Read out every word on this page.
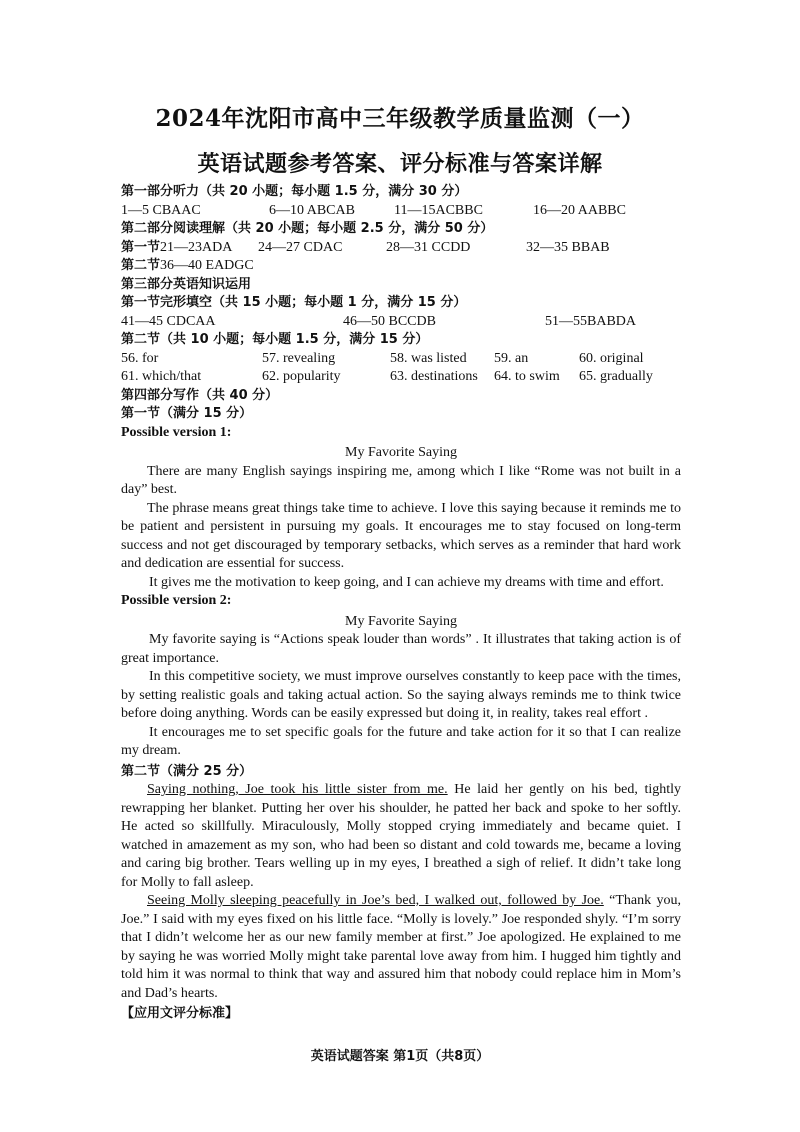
2024年沈阳市高中三年级教学质量监测（一）
英语试题参考答案、评分标准与答案详解
第一部分听力（共 20 小题；每小题 1.5 分，满分 30 分）
1—5 CBAAC	6—10 ABCAB	11—15ACBBC	16—20 AABBC
第二部分阅读理解（共 20 小题；每小题 2.5 分，满分 50 分）
第一节 21—23ADA	24—27 CDAC	28—31 CCDD	32—35 BBAB
第二节 36—40 EADGC
第三部分英语知识运用
第一节完形填空（共 15 小题；每小题 1 分，满分 15 分）
41—45 CDCAA	46—50 BCCDB	51—55BABDA
第二节（共 10 小题；每小题 1.5 分，满分 15 分）
56. for	57. revealing	58. was listed	59. an	60. original
61. which/that	62. popularity	63. destinations	64. to swim	65. gradually
第四部分写作（共 40 分）
第一节（满分 15 分）
Possible version 1:
My Favorite Saying

There are many English sayings inspiring me, among which I like “Rome was not built in a day” best.

The phrase means great things take time to achieve. I love this saying because it reminds me to be patient and persistent in pursuing my goals. It encourages me to stay focused on long-term success and not get discouraged by temporary setbacks, which serves as a reminder that hard work and dedication are essential for success.

It gives me the motivation to keep going, and I can achieve my dreams with time and effort.

Possible version 2:
My Favorite Saying

My favorite saying is “Actions speak louder than words” . It illustrates that taking action is of great importance.

In this competitive society, we must improve ourselves constantly to keep pace with the times, by setting realistic goals and taking actual action. So the saying always reminds me to think twice before doing anything. Words can be easily expressed but doing it, in reality, takes real effort .

It encourages me to set specific goals for the future and take action for it so that I can realize my dream.

第二节（满分 25 分）

Saying nothing, Joe took his little sister from me. He laid her gently on his bed, tightly rewrapping her blanket. Putting her over his shoulder, he patted her back and spoke to her softly. He acted so skillfully. Miraculously, Molly stopped crying immediately and became quiet. I watched in amazement as my son, who had been so distant and cold towards me, became a loving and caring big brother. Tears welling up in my eyes, I breathed a sigh of relief. It didn’t take long for Molly to fall asleep.

Seeing Molly sleeping peacefully in Joe’s bed, I walked out, followed by Joe. “Thank you, Joe.” I said with my eyes fixed on his little face. “Molly is lovely.” Joe responded shyly. “I’m sorry that I didn’t welcome her as our new family member at first.” Joe apologized. He explained to me by saying he was worried Molly might take parental love away from him. I hugged him tightly and told him it was normal to think that way and assured him that nobody could replace him in Mom’s and Dad’s hearts.

【应用文评分标准】
英语试题答案 第1页（共8页）
